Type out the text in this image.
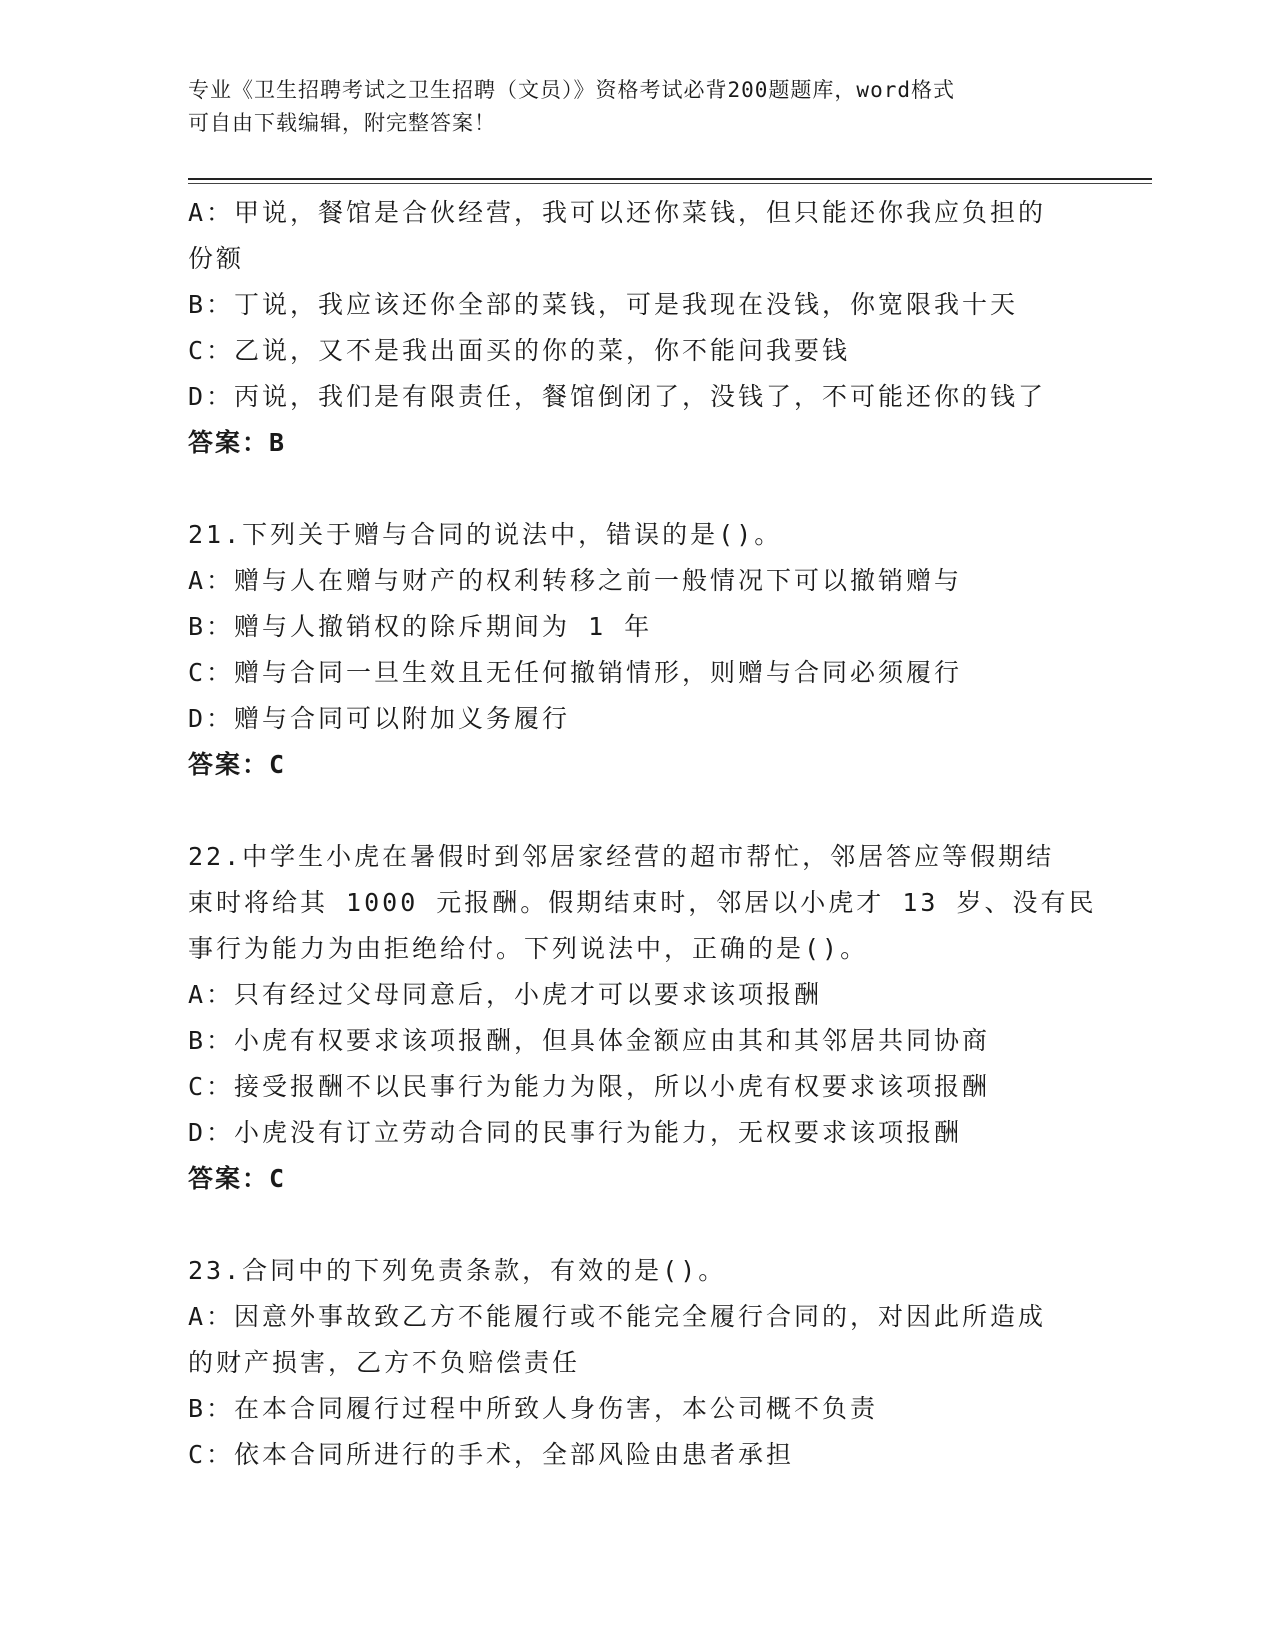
专业《卫生招聘考试之卫生招聘（文员）》资格考试必背200题题库，word格式
可自由下载编辑，附完整答案！
A：甲说，餐馆是合伙经营，我可以还你菜钱，但只能还你我应负担的
份额
B：丁说，我应该还你全部的菜钱，可是我现在没钱，你宽限我十天
C：乙说，又不是我出面买的你的菜，你不能问我要钱
D：丙说，我们是有限责任，餐馆倒闭了，没钱了，不可能还你的钱了
答案：B
21.下列关于赠与合同的说法中，错误的是()。
A：赠与人在赠与财产的权利转移之前一般情况下可以撤销赠与
B：赠与人撤销权的除斥期间为 1 年
C：赠与合同一旦生效且无任何撤销情形，则赠与合同必须履行
D：赠与合同可以附加义务履行
答案：C
22.中学生小虎在暑假时到邻居家经营的超市帮忙，邻居答应等假期结
束时将给其 1000 元报酬。假期结束时，邻居以小虎才 13 岁、没有民
事行为能力为由拒绝给付。下列说法中，正确的是()。
A：只有经过父母同意后，小虎才可以要求该项报酬
B：小虎有权要求该项报酬，但具体金额应由其和其邻居共同协商
C：接受报酬不以民事行为能力为限，所以小虎有权要求该项报酬
D：小虎没有订立劳动合同的民事行为能力，无权要求该项报酬
答案：C
23.合同中的下列免责条款，有效的是()。
A：因意外事故致乙方不能履行或不能完全履行合同的，对因此所造成
的财产损害，乙方不负赔偿责任
B：在本合同履行过程中所致人身伤害，本公司概不负责
C：依本合同所进行的手术，全部风险由患者承担
